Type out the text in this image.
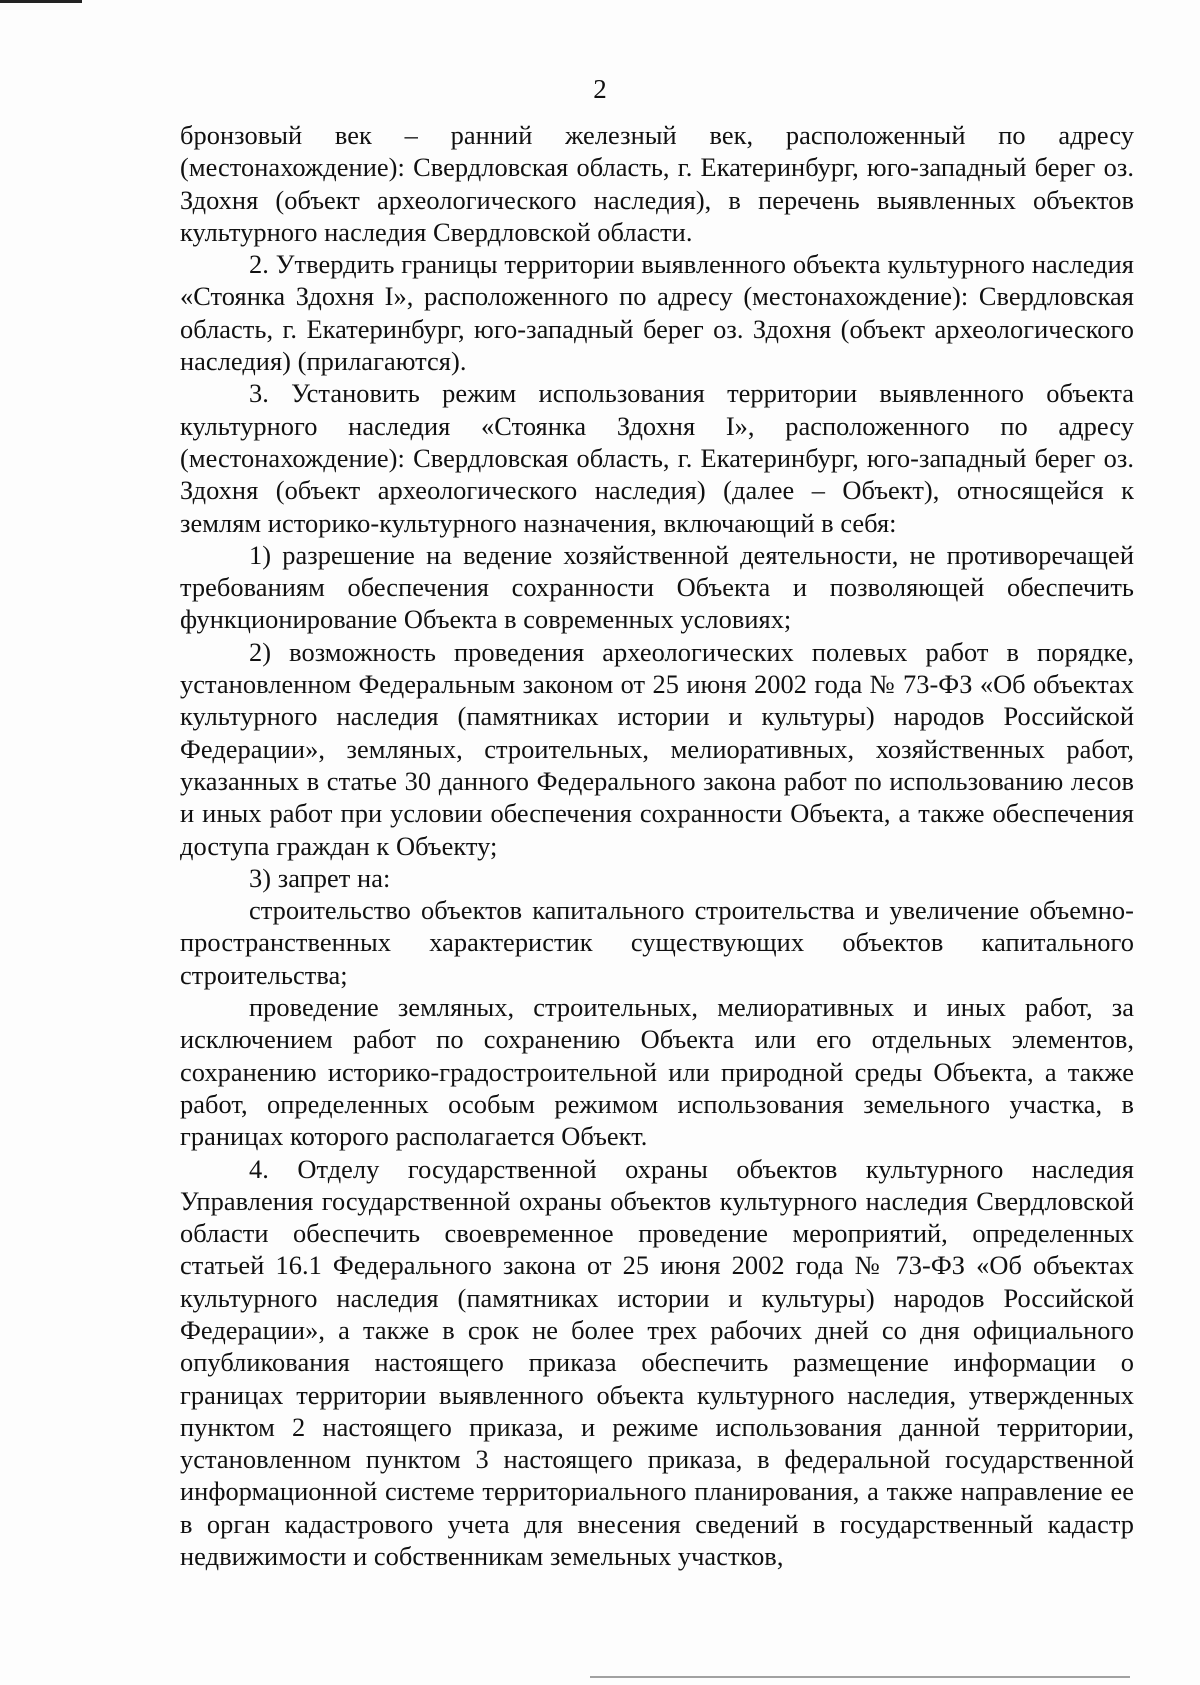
2

бронзовый век – ранний железный век, расположенный по адресу (местонахождение): Свердловская область, г. Екатеринбург, юго-западный берег оз. Здохня (объект археологического наследия), в перечень выявленных объектов культурного наследия Свердловской области.

2. Утвердить границы территории выявленного объекта культурного наследия «Стоянка Здохня I», расположенного по адресу (местонахождение): Свердловская область, г. Екатеринбург, юго-западный берег оз. Здохня (объект археологического наследия) (прилагаются).

3. Установить режим использования территории выявленного объекта культурного наследия «Стоянка Здохня I», расположенного по адресу (местонахождение): Свердловская область, г. Екатеринбург, юго-западный берег оз. Здохня (объект археологического наследия) (далее – Объект), относящейся к землям историко-культурного назначения, включающий в себя:

1) разрешение на ведение хозяйственной деятельности, не противоречащей требованиям обеспечения сохранности Объекта и позволяющей обеспечить функционирование Объекта в современных условиях;

2) возможность проведения археологических полевых работ в порядке, установленном Федеральным законом от 25 июня 2002 года № 73-ФЗ «Об объектах культурного наследия (памятниках истории и культуры) народов Российской Федерации», земляных, строительных, мелиоративных, хозяйственных работ, указанных в статье 30 данного Федерального закона работ по использованию лесов и иных работ при условии обеспечения сохранности Объекта, а также обеспечения доступа граждан к Объекту;

3) запрет на:

строительство объектов капитального строительства и увеличение объемно-пространственных характеристик существующих объектов капитального строительства;

проведение земляных, строительных, мелиоративных и иных работ, за исключением работ по сохранению Объекта или его отдельных элементов, сохранению историко-градостроительной или природной среды Объекта, а также работ, определенных особым режимом использования земельного участка, в границах которого располагается Объект.

4. Отделу государственной охраны объектов культурного наследия Управления государственной охраны объектов культурного наследия Свердловской области обеспечить своевременное проведение мероприятий, определенных статьей 16.1 Федерального закона от 25 июня 2002 года № 73-ФЗ «Об объектах культурного наследия (памятниках истории и культуры) народов Российской Федерации», а также в срок не более трех рабочих дней со дня официального опубликования настоящего приказа обеспечить размещение информации о границах территории выявленного объекта культурного наследия, утвержденных пунктом 2 настоящего приказа, и режиме использования данной территории, установленном пунктом 3 настоящего приказа, в федеральной государственной информационной системе территориального планирования, а также направление ее в орган кадастрового учета для внесения сведений в государственный кадастр недвижимости и собственникам земельных участков,
